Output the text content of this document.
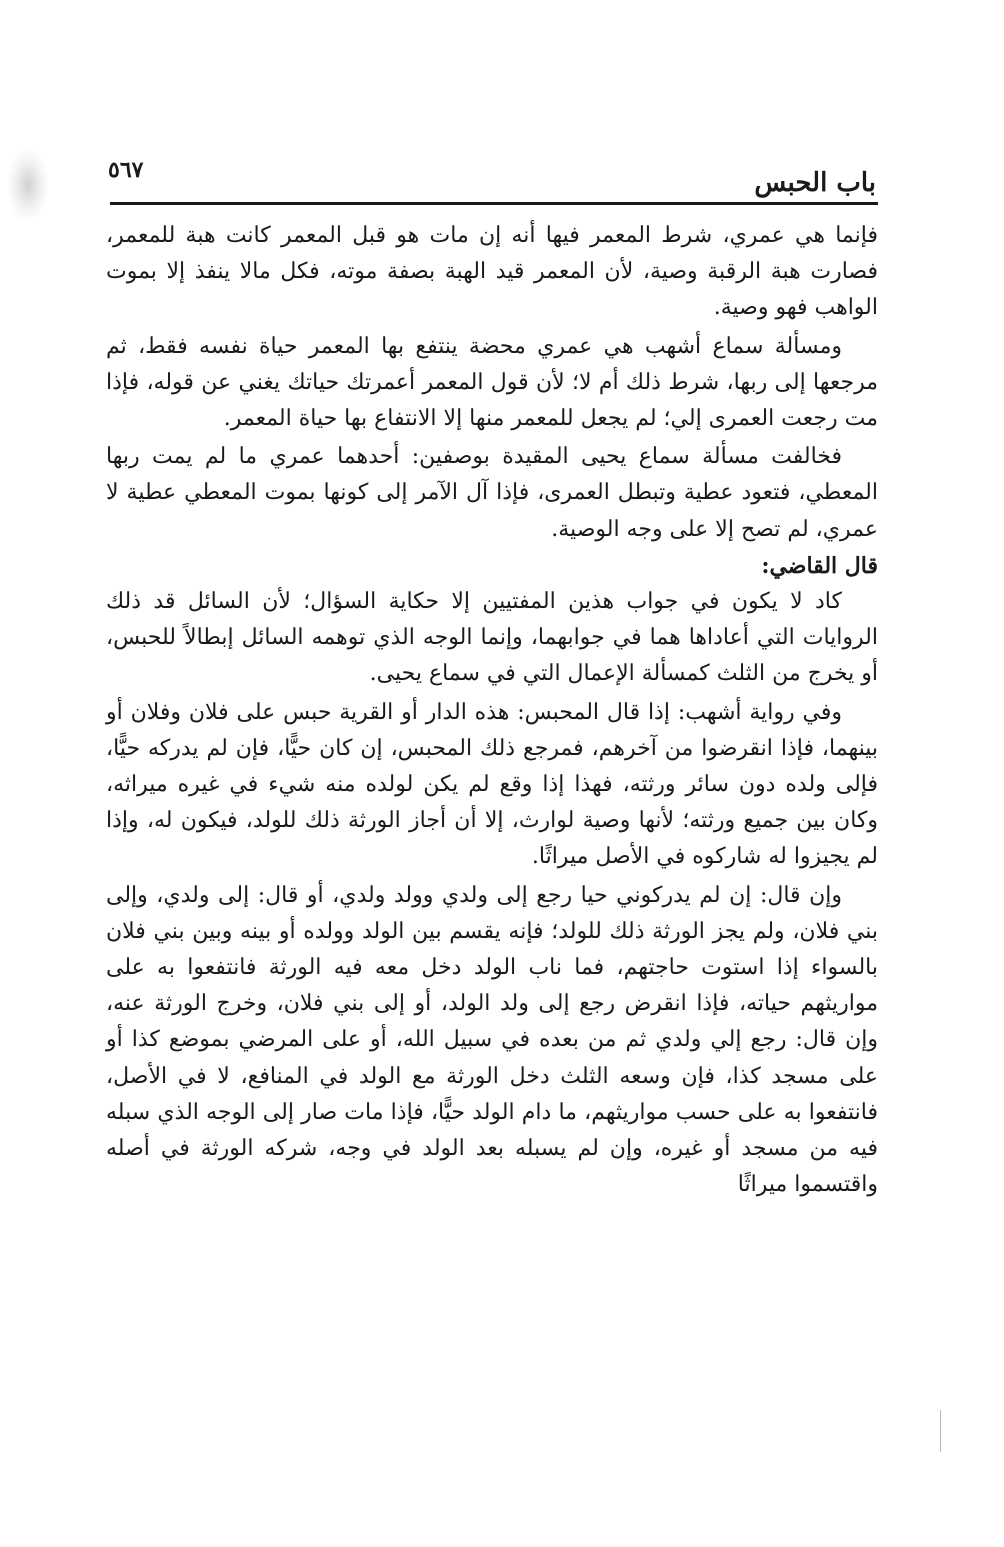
باب الحبس
٥٦٧

فإنما هي عمري، شرط المعمر فيها أنه إن مات هو قبل المعمر كانت هبة للمعمر، فصارت هبة الرقبة وصية، لأن المعمر قيد الهبة بصفة موته، فكل مالا ينفذ إلا بموت الواهب فهو وصية.

ومسألة سماع أشهب هي عمري محضة ينتفع بها المعمر حياة نفسه فقط، ثم مرجعها إلى ربها، شرط ذلك أم لا؛ لأن قول المعمر أعمرتك حياتك يغني عن قوله، فإذا مت رجعت العمرى إلي؛ لم يجعل للمعمر منها إلا الانتفاع بها حياة المعمر.

فخالفت مسألة سماع يحيى المقيدة بوصفين: أحدهما عمري ما لم يمت ربها المعطي، فتعود عطية وتبطل العمرى، فإذا آل الآمر إلى كونها بموت المعطي عطية لا عمري، لم تصح إلا على وجه الوصية.

قال القاضي:

كاد لا يكون في جواب هذين المفتيين إلا حكاية السؤال؛ لأن السائل قد ذلك الروايات التي أعاداها هما في جوابهما، وإنما الوجه الذي توهمه السائل إبطالاً للحبس، أو يخرج من الثلث كمسألة الإعمال التي في سماع يحيى.

وفي رواية أشهب: إذا قال المحبس: هذه الدار أو القرية حبس على فلان وفلان أو بينهما، فإذا انقرضوا من آخرهم، فمرجع ذلك المحبس، إن كان حيًّا، فإن لم يدركه حيًّا، فإلى ولده دون سائر ورثته، فهذا إذا وقع لم يكن لولده منه شيء في غيره ميراثه، وكان بين جميع ورثته؛ لأنها وصية لوارث، إلا أن أجاز الورثة ذلك للولد، فيكون له، وإذا لم يجيزوا له شاركوه في الأصل ميراثًا.

وإن قال: إن لم يدركوني حيا رجع إلى ولدي وولد ولدي، أو قال: إلى ولدي، وإلى بني فلان، ولم يجز الورثة ذلك للولد؛ فإنه يقسم بين الولد وولده أو بينه وبين بني فلان بالسواء إذا استوت حاجتهم، فما ناب الولد دخل معه فيه الورثة فانتفعوا به على مواريثهم حياته، فإذا انقرض رجع إلى ولد الولد، أو إلى بني فلان، وخرج الورثة عنه، وإن قال: رجع إلي ولدي ثم من بعده في سبيل الله، أو على المرضي بموضع كذا أو على مسجد كذا، فإن وسعه الثلث دخل الورثة مع الولد في المنافع، لا في الأصل، فانتفعوا به على حسب مواريثهم، ما دام الولد حيًّا، فإذا مات صار إلى الوجه الذي سبله فيه من مسجد أو غيره، وإن لم يسبله بعد الولد في وجه، شركه الورثة في أصله واقتسموا ميراثًا
